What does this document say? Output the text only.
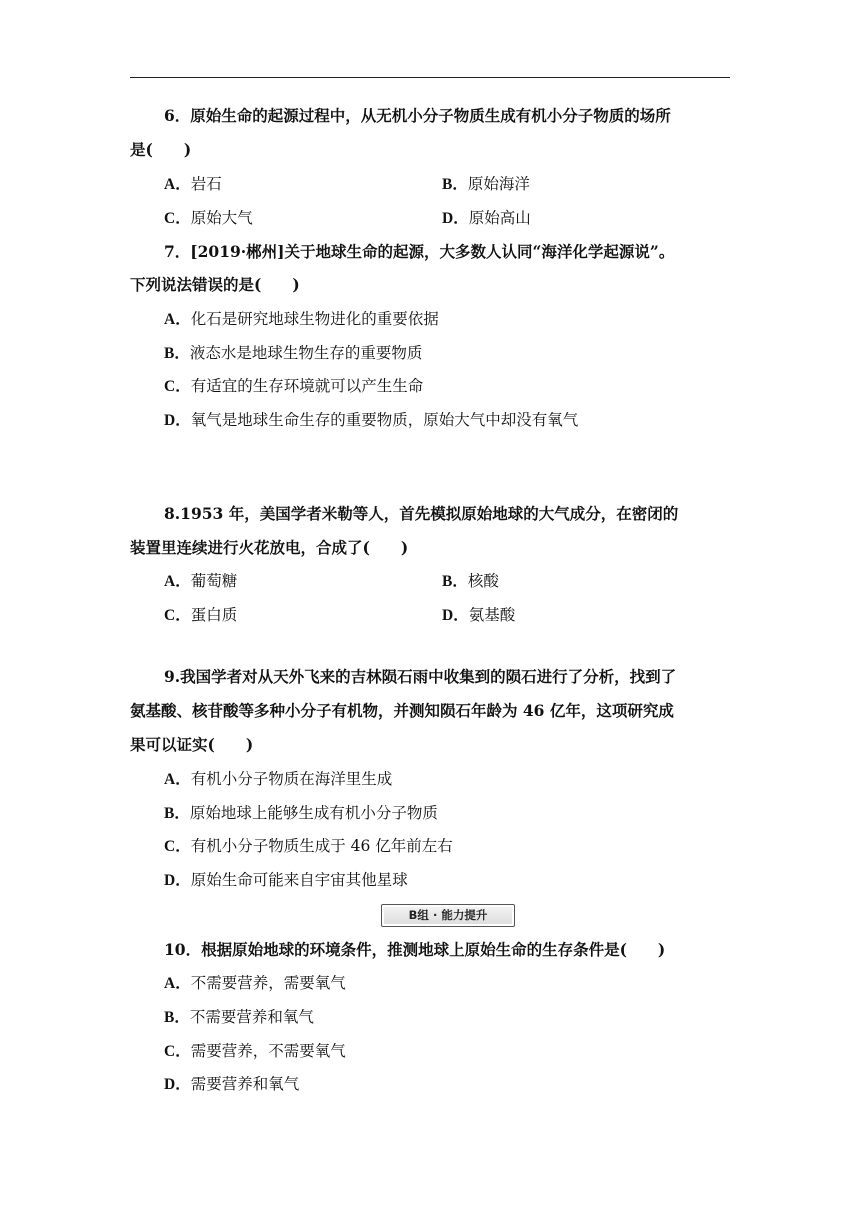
6．原始生命的起源过程中，从无机小分子物质生成有机小分子物质的场所
是(　　)
A．岩石	B．原始海洋
C．原始大气	D．原始高山
7．[2019·郴州]关于地球生命的起源，大多数人认同“海洋化学起源说”。
下列说法错误的是(　　)
A．化石是研究地球生物进化的重要依据
B．液态水是地球生物生存的重要物质
C．有适宜的生存环境就可以产生生命
D．氧气是地球生命生存的重要物质，原始大气中却没有氧气
8.1953 年，美国学者米勒等人，首先模拟原始地球的大气成分，在密闭的
装置里连续进行火花放电，合成了(　　)
A．葡萄糖	B．核酸
C．蛋白质	D．氨基酸
9.我国学者对从天外飞来的吉林陨石雨中收集到的陨石进行了分析，找到了
氨基酸、核苷酸等多种小分子有机物，并测知陨石年龄为 46 亿年，这项研究成
果可以证实(　　)
A．有机小分子物质在海洋里生成
B．原始地球上能够生成有机小分子物质
C．有机小分子物质生成于 46 亿年前左右
D．原始生命可能来自宇宙其他星球
B组 · 能力提升
10．根据原始地球的环境条件，推测地球上原始生命的生存条件是(　　)
A．不需要营养，需要氧气
B．不需要营养和氧气
C．需要营养，不需要氧气
D．需要营养和氧气
